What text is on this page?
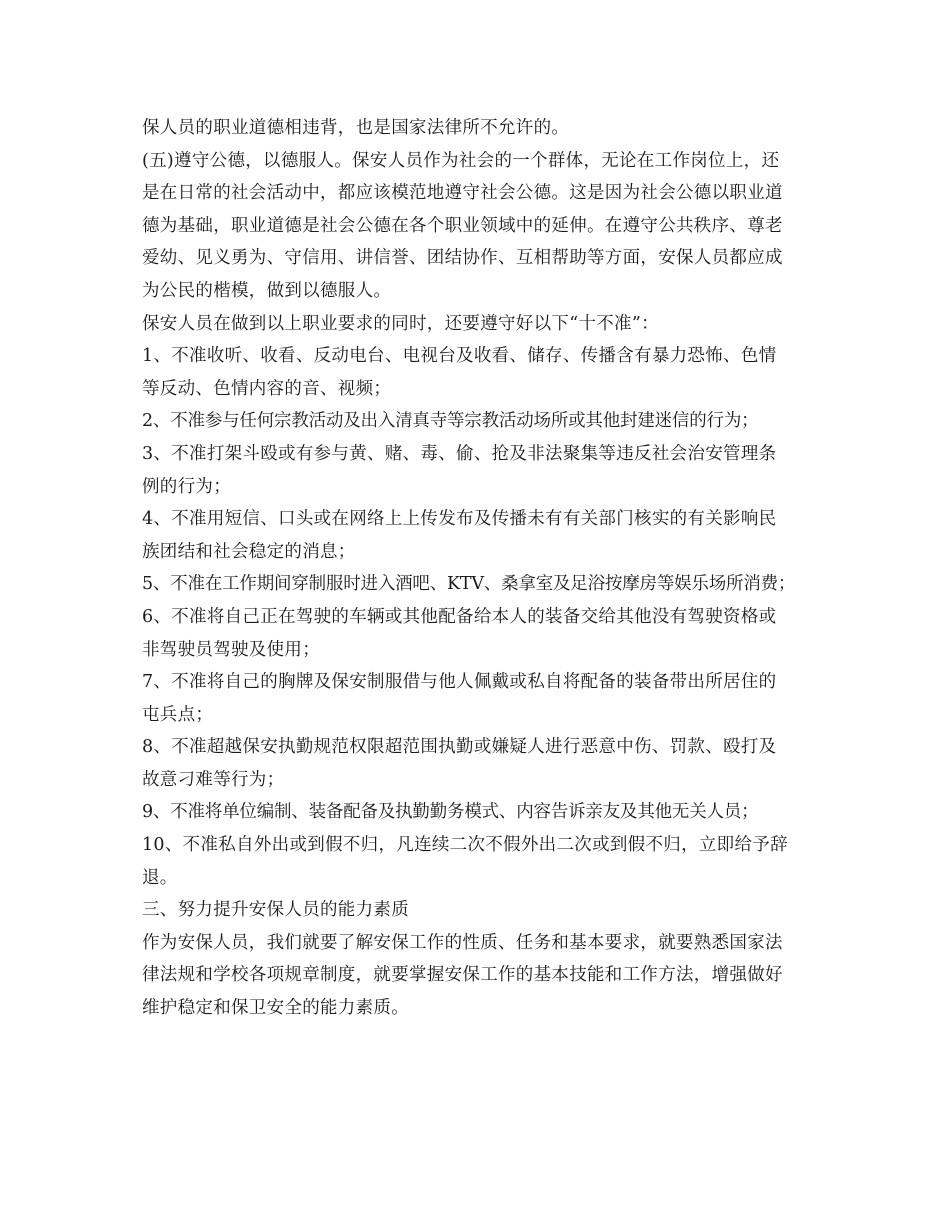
保人员的职业道德相违背，也是国家法律所不允许的。
(五)遵守公德，以德服人。保安人员作为社会的一个群体，无论在工作岗位上，还
是在日常的社会活动中，都应该模范地遵守社会公德。这是因为社会公德以职业道
德为基础，职业道德是社会公德在各个职业领域中的延伸。在遵守公共秩序、尊老
爱幼、见义勇为、守信用、讲信誉、团结协作、互相帮助等方面，安保人员都应成
为公民的楷模，做到以德服人。
保安人员在做到以上职业要求的同时，还要遵守好以下“十不准”：
1、不准收听、收看、反动电台、电视台及收看、储存、传播含有暴力恐怖、色情
等反动、色情内容的音、视频；
2、不准参与任何宗教活动及出入清真寺等宗教活动场所或其他封建迷信的行为；
3、不准打架斗殴或有参与黄、赌、毒、偷、抢及非法聚集等违反社会治安管理条
例的行为；
4、不准用短信、口头或在网络上上传发布及传播未有有关部门核实的有关影响民
族团结和社会稳定的消息；
5、不准在工作期间穿制服时进入酒吧、KTV、桑拿室及足浴按摩房等娱乐场所消费；
6、不准将自己正在驾驶的车辆或其他配备给本人的装备交给其他没有驾驶资格或
非驾驶员驾驶及使用；
7、不准将自己的胸牌及保安制服借与他人佩戴或私自将配备的装备带出所居住的
屯兵点；
8、不准超越保安执勤规范权限超范围执勤或嫌疑人进行恶意中伤、罚款、殴打及
故意刁难等行为；
9、不准将单位编制、装备配备及执勤勤务模式、内容告诉亲友及其他无关人员；
10、不准私自外出或到假不归，凡连续二次不假外出二次或到假不归，立即给予辞
退。
三、努力提升安保人员的能力素质
作为安保人员，我们就要了解安保工作的性质、任务和基本要求，就要熟悉国家法
律法规和学校各项规章制度，就要掌握安保工作的基本技能和工作方法，增强做好
维护稳定和保卫安全的能力素质。
